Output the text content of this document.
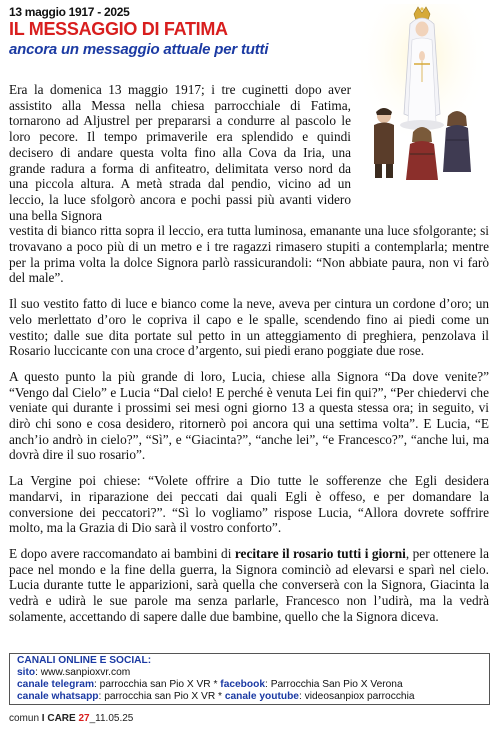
13 maggio 1917 - 2025
IL MESSAGGIO DI FATIMA
ancora un messaggio attuale per tutti

Era la domenica 13 maggio 1917; i tre cuginetti dopo aver assistito alla Messa nella chiesa parrocchiale di Fatima, tornarono ad Aljustrel per prepararsi a condurre al pascolo le loro pecore. Il tempo primaverile era splendido e quindi decisero di andare questa volta fino alla Cova da Iria, una grande radura a forma di anfiteatro, delimitata verso nord da una piccola altura. A metà strada dal pendio, vicino ad un leccio, la luce sfolgorò ancora e pochi passi più avanti videro una bella Signora

vestita di bianco ritta sopra il leccio, era tutta luminosa, emanante una luce sfolgorante; si trovavano a poco più di un metro e i tre ragazzi rimasero stupiti a contemplarla; mentre per la prima volta la dolce Signora parlò rassicurandoli: “Non abbiate paura, non vi farò del male”.

Il suo vestito fatto di luce e bianco come la neve, aveva per cintura un cordone d’oro; un velo merlettato d’oro le copriva il capo e le spalle, scendendo fino ai piedi come un vestito; dalle sue dita portate sul petto in un atteggiamento di preghiera, penzolava il Rosario luccicante con una croce d’argento, sui piedi erano poggiate due rose.

A questo punto la più grande di loro, Lucia, chiese alla Signora “Da dove venite?” “Vengo dal Cielo” e Lucia “Dal cielo! E perché è venuta Lei fin qui?”, “Per chiedervi che veniate qui durante i prossimi sei mesi ogni giorno 13 a questa stessa ora; in seguito, vi dirò chi sono e cosa desidero, ritornerò poi ancora qui una settima volta”. E Lucia, “E anch’io andrò in cielo?”, “Sì”, e “Giacinta?”, “anche lei”, “e Francesco?”, “anche lui, ma dovrà dire il suo rosario”.

La Vergine poi chiese: “Volete offrire a Dio tutte le sofferenze che Egli desidera mandarvi, in riparazione dei peccati dai quali Egli è offeso, e per domandare la conversione dei peccatori?”. “Sì lo vogliamo” rispose Lucia, “Allora dovrete soffrire molto, ma la Grazia di Dio sarà il vostro conforto”.

E dopo avere raccomandato ai bambini di recitare il rosario tutti i giorni, per ottenere la pace nel mondo e la fine della guerra, la Signora cominciò ad elevarsi e sparì nel cielo. Lucia durante tutte le apparizioni, sarà quella che converserà con la Signora, Giacinta la vedrà e udirà le sue parole ma senza parlarle, Francesco non l’udirà, ma la vedrà solamente, accettando di sapere dalle due bambine, quello che la Signora diceva.

CANALI ONLINE E SOCIAL:
sito: www.sanpioxvr.com
canale telegram: parrocchia san Pio X VR * facebook: Parrocchia San Pio X Verona
canale whatsapp: parrocchia san Pio X VR * canale youtube: videosanpiox parrocchia
comun I CARE 27_11.05.25
